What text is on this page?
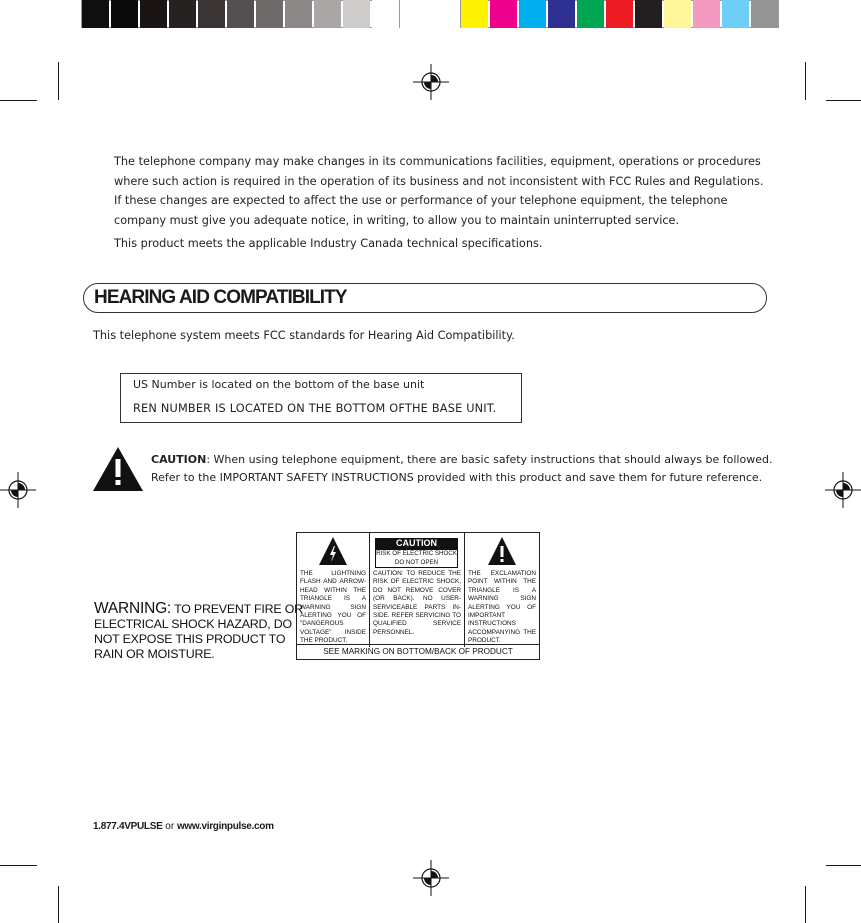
The telephone company may make changes in its communications facilities, equipment, operations or procedures where such action is required in the operation of its business and not inconsistent with FCC Rules and Regulations. If these changes are expected to affect the use or performance of your telephone equipment, the telephone company must give you adequate notice, in writing, to allow you to maintain uninterrupted service.

This product meets the applicable Industry Canada technical specifications.

HEARING AID COMPATIBILITY

This telephone system meets FCC standards for Hearing Aid Compatibility.

US Number is located on the bottom of the base unit
REN NUMBER IS LOCATED ON THE BOTTOM OFTHE BASE UNIT.
CAUTION: When using telephone equipment, there are basic safety instructions that should always be followed.
Refer to the IMPORTANT SAFETY INSTRUCTIONS provided with this product and save them for future reference.
WARNING: TO PREVENT FIRE OR ELECTRICAL SHOCK HAZARD, DO NOT EXPOSE THIS PRODUCT TO RAIN OR MOISTURE.
THE LIGHTNING FLASH AND ARROW-HEAD WITHIN THE TRIANGLE IS A WARNING SIGN ALERTING YOU OF "DANGEROUS VOLTAGE" INSIDE THE PRODUCT.
CAUTION
RISK OF ELECTRIC SHOCK
DO NOT OPEN
CAUTION: TO REDUCE THE RISK OF ELECTRIC SHOCK, DO NOT REMOVE COVER (OR BACK). NO USER-SERVICEABLE PARTS IN-SIDE. REFER SERVICING TO QUALIFIED SERVICE PERSONNEL.
THE EXCLAMATION POINT WITHIN THE TRIANGLE IS A WARNING SIGN ALERTING YOU OF IMPORTANT INSTRUCTIONS ACCOMPANYING THE PRODUCT.
SEE MARKING ON BOTTOM/BACK OF PRODUCT
1.877.4VPULSE or www.virginpulse.com
